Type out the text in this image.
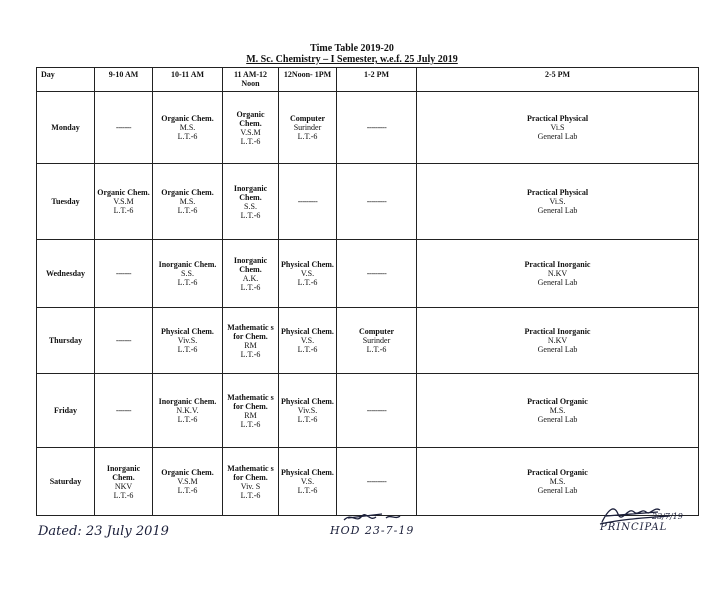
Time Table 2019-20
M. Sc. Chemistry – I Semester, w.e.f. 25 July 2019
Day	9-10 AM	10-11 AM	11 AM-12 Noon	12Noon- 1PM	1-2 PM	2-5 PM
Monday	-------	Organic Chem.
M.S.
L.T.-6	Organic Chem.
V.S.M
L.T.-6	Computer
Surinder
L.T.-6	---------	Practical Physical
Vi.S
General Lab

Tuesday	Organic Chem.
V.S.M
L.T.-6	Organic Chem.
M.S.
L.T.-6	Inorganic Chem.
S.S.
L.T.-6	---------	---------	Practical Physical
Vi.S.
General Lab

Wednesday	-------	Inorganic Chem.
S.S.
L.T.-6	Inorganic Chem.
A.K.
L.T.-6	Physical Chem.
V.S.
L.T.-6	---------	Practical Inorganic
N.KV
General Lab

Thursday	-------	Physical Chem.
Viv.S.
L.T.-6	Mathematic s for Chem.
RM
L.T.-6	Physical Chem.
V.S.
L.T.-6	Computer
Surinder
L.T.-6	Practical Inorganic
N.KV
General Lab

Friday	-------	Inorganic Chem.
N.K.V.
L.T.-6	Mathematic s for Chem.
RM
L.T.-6	Physical Chem.
Viv.S.
L.T.-6	---------	Practical Organic
M.S.
General Lab

Saturday	Inorganic Chem.
NKV
L.T.-6	Organic Chem.
V.S.M
L.T.-6	Mathematic s for Chem.
Viv. S
L.T.-6	Physical Chem.
V.S.
L.T.-6	---------	Practical Organic
M.S.
General Lab
Dated: 23 July 2019	HOD 23-7-19
23/7/19
PRINCIPAL
